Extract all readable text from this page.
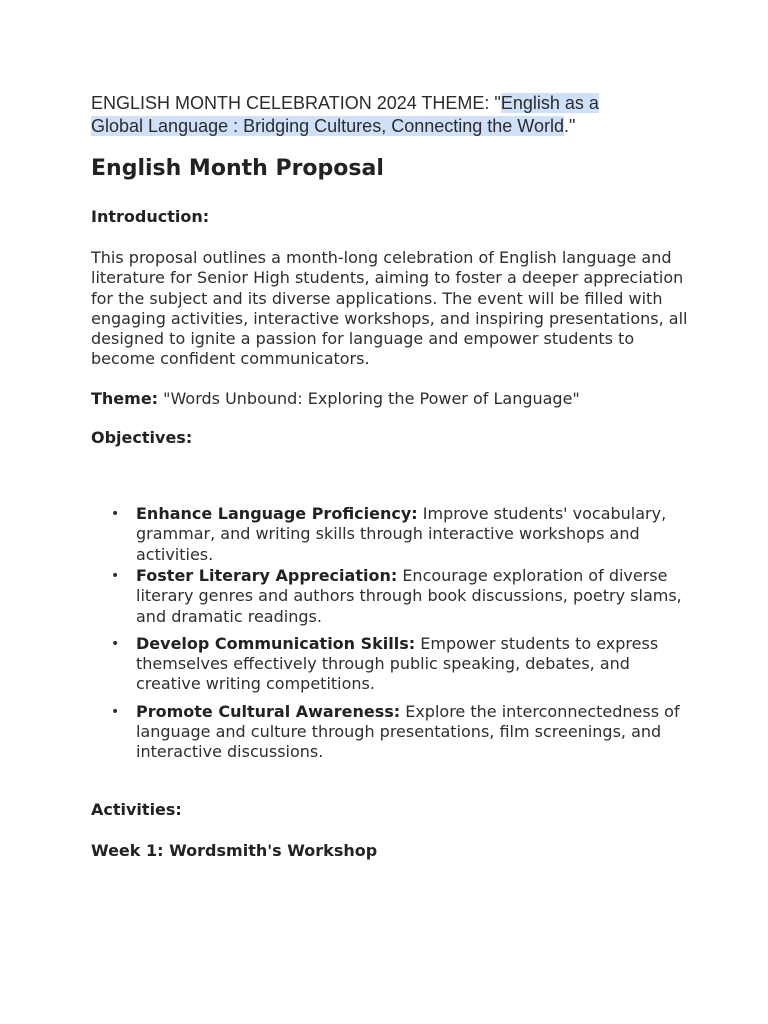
ENGLISH MONTH CELEBRATION 2024 THEME: "English as a
Global Language : Bridging Cultures, Connecting the World."

English Month Proposal

Introduction:

This proposal outlines a month-long celebration of English language and literature for Senior High students, aiming to foster a deeper appreciation for the subject and its diverse applications. The event will be filled with engaging activities, interactive workshops, and inspiring presentations, all designed to ignite a passion for language and empower students to become confident communicators.

Theme: "Words Unbound: Exploring the Power of Language"

Objectives:

• Enhance Language Proficiency: Improve students' vocabulary, grammar, and writing skills through interactive workshops and activities.
• Foster Literary Appreciation: Encourage exploration of diverse literary genres and authors through book discussions, poetry slams, and dramatic readings.
• Develop Communication Skills: Empower students to express themselves effectively through public speaking, debates, and creative writing competitions.
• Promote Cultural Awareness: Explore the interconnectedness of language and culture through presentations, film screenings, and interactive discussions.

Activities:

Week 1: Wordsmith's Workshop
